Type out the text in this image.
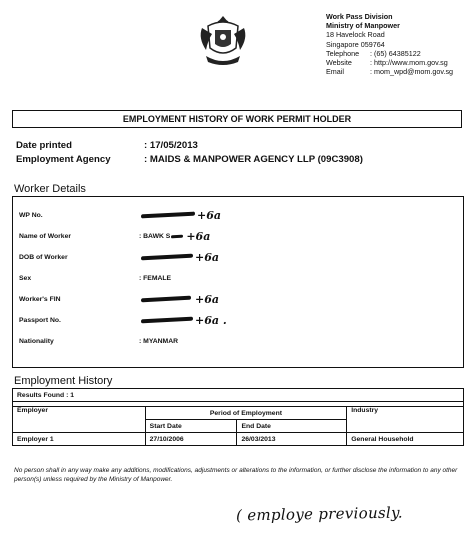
Work Pass Division
Ministry of Manpower
18 Havelock Road
Singapore 059764
Telephone	: (65) 64385122
Website	: http://www.mom.gov.sg
Email	: mom_wpd@mom.gov.sg
EMPLOYMENT HISTORY OF WORK PERMIT HOLDER
Date printed	: 17/05/2013
Employment Agency	: MAIDS & MANPOWER AGENCY LLP (09C3908)
Worker Details
WP No.	+6a
Name of Worker	: BAWK S +6a
DOB of Worker	+6a
Sex	: FEMALE
Worker's FIN	+6a
Passport No.	+6a .
Nationality	: MYANMAR
Employment History
Results Found : 1			

Employer	Period of Employment		Industry
	Start Date	End Date	
Employer 1	27/10/2006	26/03/2013	General Household
No person shall in any way make any additions, modifications, adjustments or alterations to the information, or further disclose the information to any other person(s) unless required by the Ministry of Manpower.
( employe previously.
